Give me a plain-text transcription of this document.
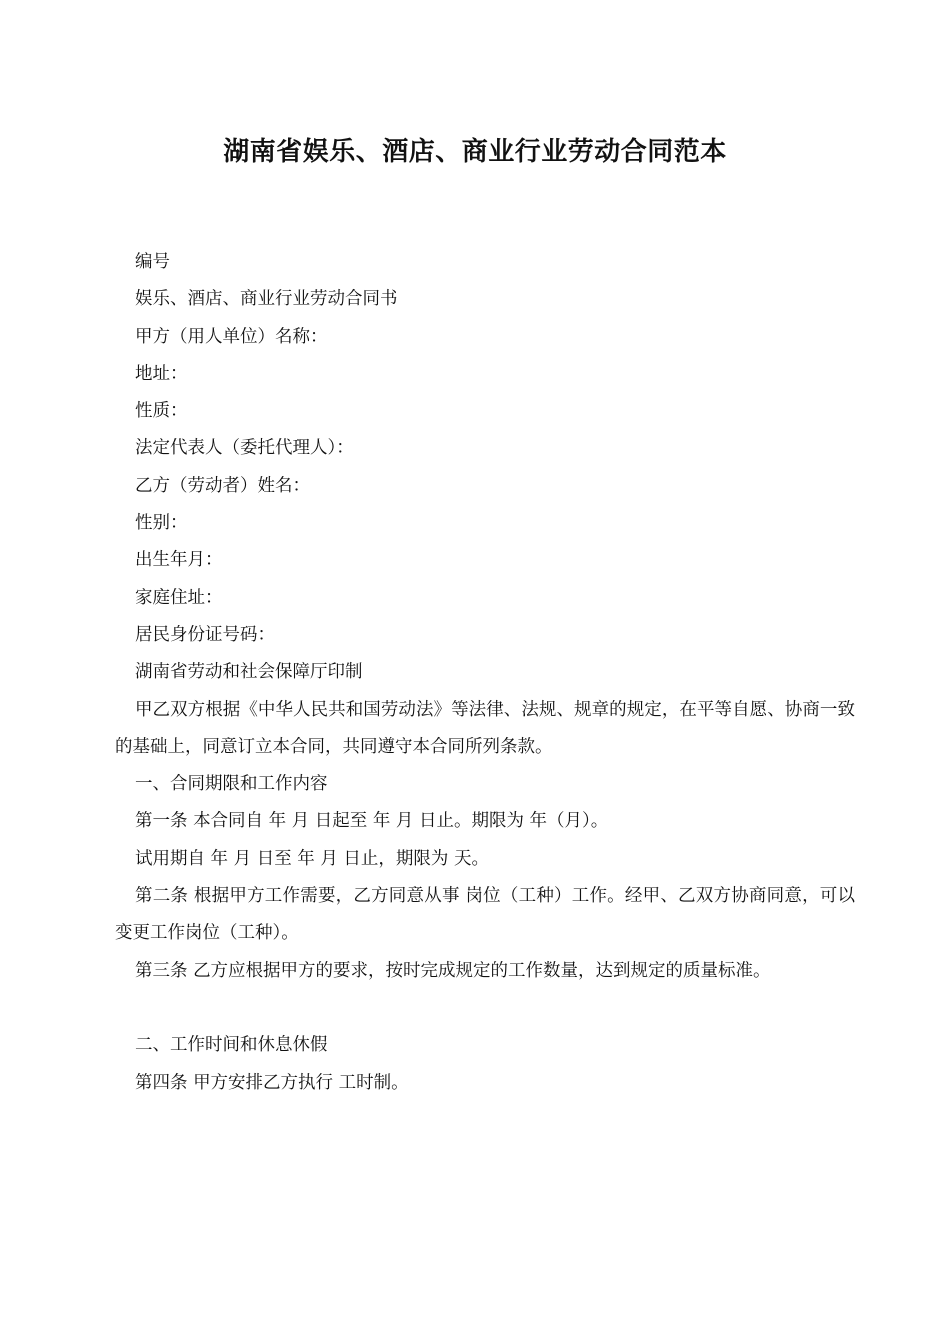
湖南省娱乐、酒店、商业行业劳动合同范本

编号

娱乐、酒店、商业行业劳动合同书

甲方（用人单位）名称：

地址：

性质：

法定代表人（委托代理人）：

乙方（劳动者）姓名：

性别：

出生年月：

家庭住址：

居民身份证号码：

湖南省劳动和社会保障厅印制

甲乙双方根据《中华人民共和国劳动法》等法律、法规、规章的规定，在平等自愿、协商一致的基础上，同意订立本合同，共同遵守本合同所列条款。

一、合同期限和工作内容

第一条 本合同自 年 月 日起至 年 月 日止。期限为 年（月）。

试用期自 年 月 日至 年 月 日止，期限为 天。

第二条 根据甲方工作需要，乙方同意从事 岗位（工种）工作。经甲、乙双方协商同意，可以变更工作岗位（工种）。

第三条 乙方应根据甲方的要求，按时完成规定的工作数量，达到规定的质量标准。

二、工作时间和休息休假

第四条 甲方安排乙方执行 工时制。
